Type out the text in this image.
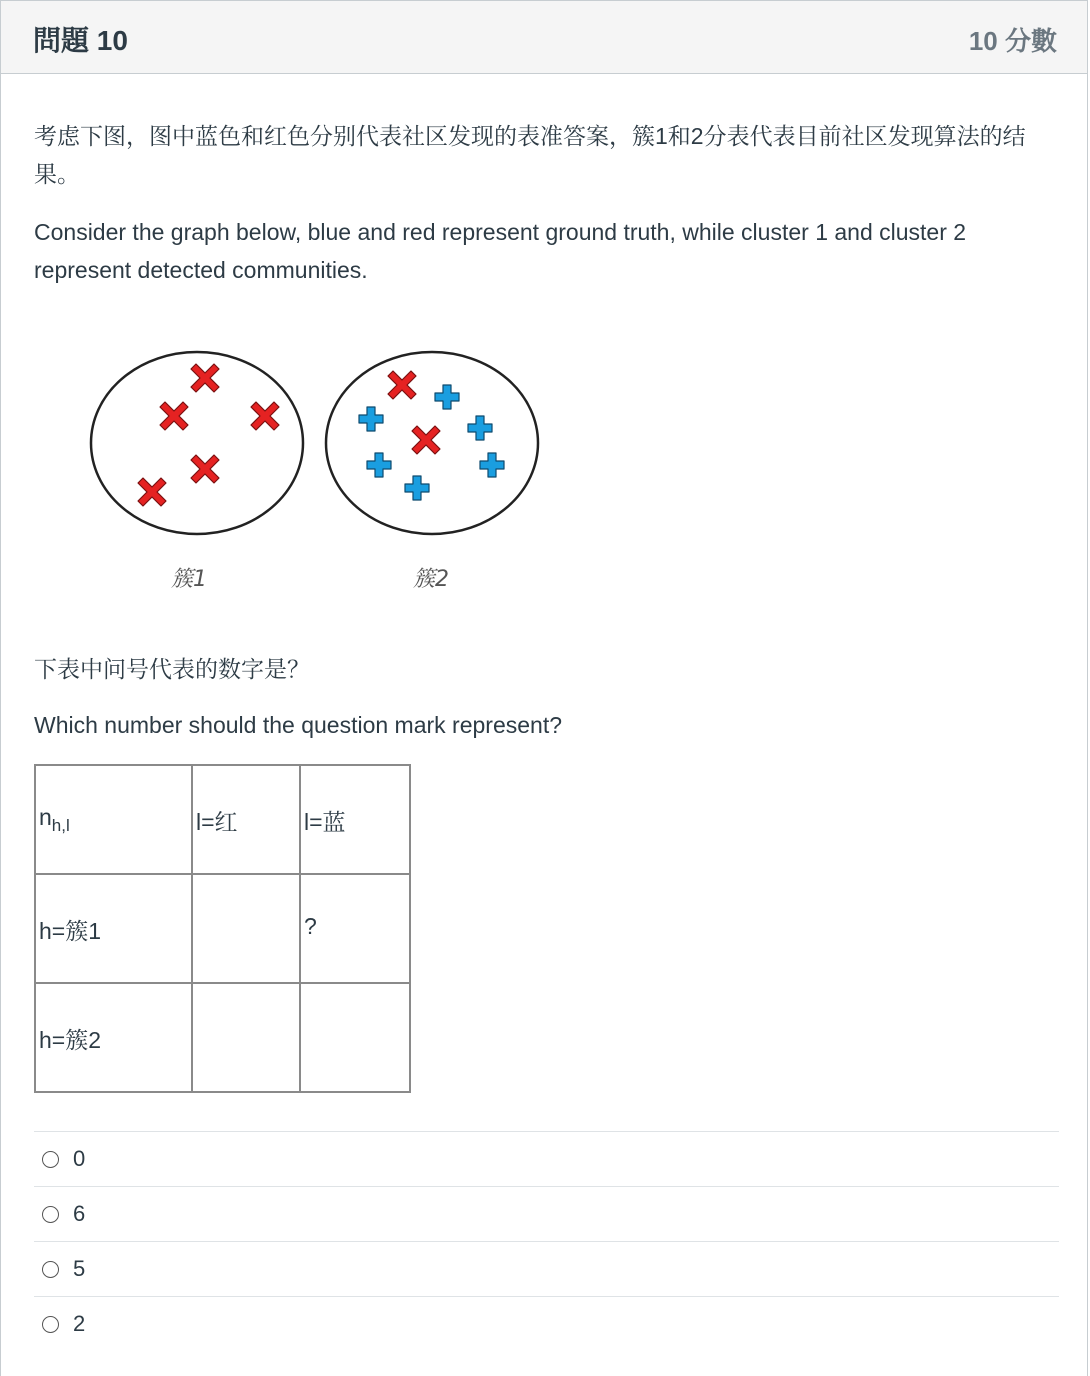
問題 10	10 分數
考虑下图，图中蓝色和红色分别代表社区发现的表准答案，簇1和2分表代表目前社区发现算法的结果。
Consider the graph below, blue and red represent ground truth, while cluster 1 and cluster 2 represent detected communities.
簇1	簇2
下表中问号代表的数字是？
Which number should the question mark represent?
$n_{h,l}$	l=红	l=蓝
h=簇1		?
h=簇2		
0
6
5
2
